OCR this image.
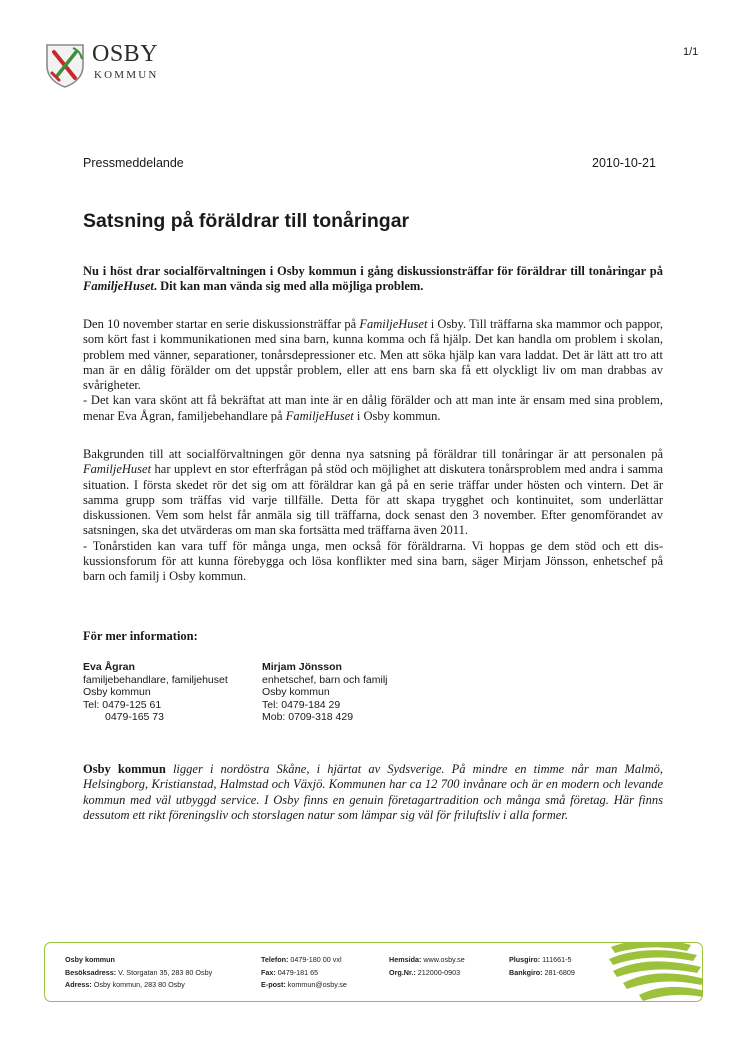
OSBY
KOMMUN
1/1
Pressmeddelande	2010-10-21
Satsning på föräldrar till tonåringar

Nu i höst drar socialförvaltningen i Osby kommun i gång diskussionsträffar för föräldrar till tonåringar på FamiljeHuset. Dit kan man vända sig med alla möjliga problem.

Den 10 november startar en serie diskussionsträffar på FamiljeHuset i Osby. Till träffarna ska mammor och pappor, som kört fast i kommunikationen med sina barn, kunna komma och få hjälp. Det kan handla om problem i skolan, problem med vänner, separationer, tonårsdepressioner etc. Men att söka hjälp kan vara laddat. Det är lätt att tro att man är en dålig förälder om det uppstår problem, eller att ens barn ska få ett olyckligt liv om man drabbas av svårigheter.
- Det kan vara skönt att få bekräftat att man inte är en dålig förälder och att man inte är ensam med sina problem, menar Eva Ågran, familjebehandlare på FamiljeHuset i Osby kommun.

Bakgrunden till att socialförvaltningen gör denna nya satsning på föräldrar till tonåringar är att personalen på FamiljeHuset har upplevt en stor efterfrågan på stöd och möjlighet att diskutera tonårsproblem med andra i samma situation. I första skedet rör det sig om att föräldrar kan gå på en serie träffar under hösten och vintern. Det är samma grupp som träffas vid varje tillfälle. Detta för att skapa trygghet och kontinuitet, som underlättar diskussionen. Vem som helst får anmäla sig till träffarna, dock senast den 3 november. Efter genomförandet av satsningen, ska det utvärderas om man ska fortsätta med träffarna även 2011.
- Tonårstiden kan vara tuff för många unga, men också för föräldrarna. Vi hoppas ge dem stöd och ett diskussionsforum för att kunna förebygga och lösa konflikter med sina barn, säger Mirjam Jönsson, enhetschef på barn och familj i Osby kommun.

För mer information:
Eva Ågran
familjebehandlare, familjehuset
Osby kommun
Tel: 0479-125 61
0479-165 73
Mirjam Jönsson
enhetschef, barn och familj
Osby kommun
Tel: 0479-184 29
Mob: 0709-318 429

Osby kommun ligger i nordöstra Skåne, i hjärtat av Sydsverige. På mindre en timme når man Malmö, Helsingborg, Kristianstad, Halmstad och Växjö. Kommunen har ca 12 700 invånare och är en modern och levande kommun med väl utbyggd service. I Osby finns en genuin företagartradition och många små företag. Här finns dessutom ett rikt föreningsliv och storslagen natur som lämpar sig väl för friluftsliv i alla former.

Osby kommun
Besöksadress: V. Storgatan 35, 283 80 Osby
Adress: Osby kommun, 283 80 Osby
Telefon: 0479-180 00 vxl
Fax: 0479-181 65
E-post: kommun@osby.se
Hemsida: www.osby.se
Org.Nr.: 212000-0903
Plusgiro: 111661-5
Bankgiro: 281-6809
